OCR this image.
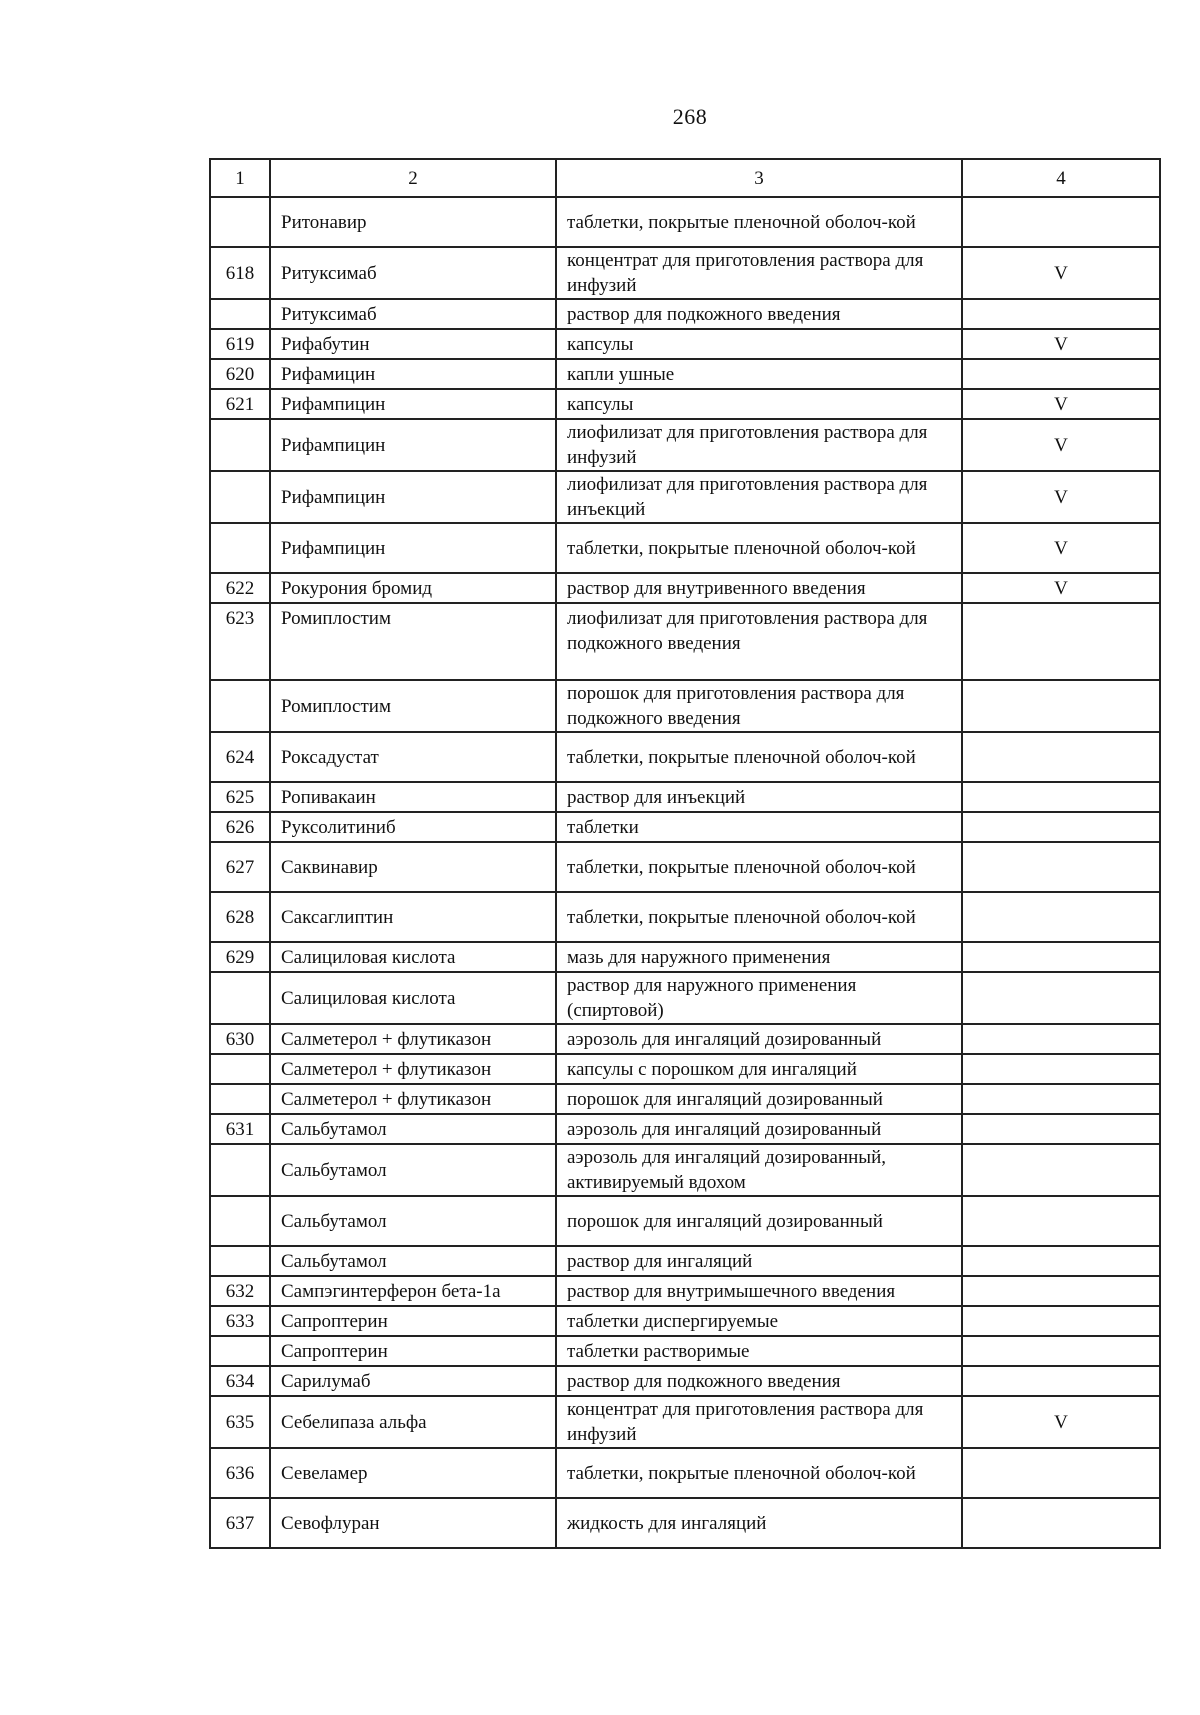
268
1	2	3	4
	Ритонавир	таблетки, покрытые пленочной оболоч-кой	
618	Ритуксимаб	концентрат для приготовления раствора для инфузий	V
	Ритуксимаб	раствор для подкожного введения	
619	Рифабутин	капсулы	V
620	Рифамицин	капли ушные	
621	Рифампицин	капсулы	V
	Рифампицин	лиофилизат для приготовления раствора для инфузий	V
	Рифампицин	лиофилизат для приготовления раствора для инъекций	V
	Рифампицин	таблетки, покрытые пленочной оболоч-кой	V
622	Рокурония бромид	раствор для внутривенного введения	V
623	Ромиплостим	лиофилизат для приготовления раствора для подкожного введения	
	Ромиплостим	порошок для приготовления раствора для подкожного введения	
624	Роксадустат	таблетки, покрытые пленочной оболоч-кой	
625	Ропивакаин	раствор для инъекций	
626	Руксолитиниб	таблетки	
627	Саквинавир	таблетки, покрытые пленочной оболоч-кой	
628	Саксаглиптин	таблетки, покрытые пленочной оболоч-кой	
629	Салициловая кислота	мазь для наружного применения	
	Салициловая кислота	раствор для наружного применения (спиртовой)	
630	Салметерол + флутиказон	аэрозоль для ингаляций дозированный	
	Салметерол + флутиказон	капсулы с порошком для ингаляций	
	Салметерол + флутиказон	порошок для ингаляций дозированный	
631	Сальбутамол	аэрозоль для ингаляций дозированный	
	Сальбутамол	аэрозоль для ингаляций дозированный, активируемый вдохом	
	Сальбутамол	порошок для ингаляций дозированный	
	Сальбутамол	раствор для ингаляций	
632	Сампэгинтерферон бета-1а	раствор для внутримышечного введения	
633	Сапроптерин	таблетки диспергируемые	
	Сапроптерин	таблетки растворимые	
634	Сарилумаб	раствор для подкожного введения	
635	Себелипаза альфа	концентрат для приготовления раствора для инфузий	V
636	Севеламер	таблетки, покрытые пленочной оболоч-кой	
637	Севофлуран	жидкость для ингаляций	
